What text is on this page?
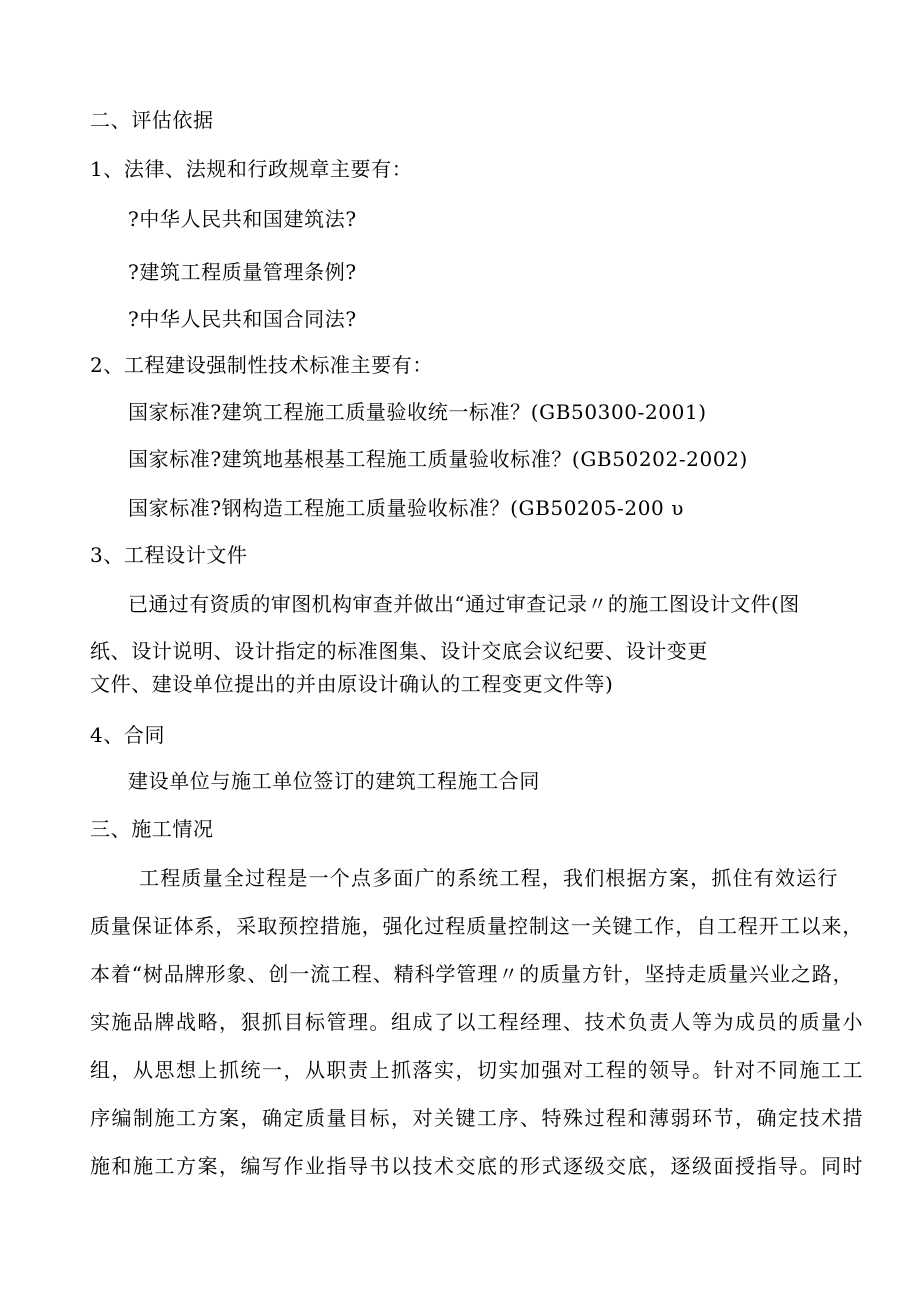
二、评估依据
1、法律、法规和行政规章主要有：
?中华人民共和国建筑法?
?建筑工程质量管理条例?
?中华人民共和国合同法?
2、工程建设强制性技术标准主要有：
国家标准?建筑工程施工质量验收统一标准？(GB50300-2001)
国家标准?建筑地基根基工程施工质量验收标准？(GB50202-2002)
国家标准?钢构造工程施工质量验收标准？(GB50205-200 υ
3、工程设计文件
已通过有资质的审图机构审查并做出“通过审查记录〃的施工图设计文件(图
纸、设计说明、设计指定的标准图集、设计交底会议纪要、设计变更
文件、建设单位提出的并由原设计确认的工程变更文件等)
4、合同
建设单位与施工单位签订的建筑工程施工合同
三、施工情况
工程质量全过程是一个点多面广的系统工程，我们根据方案，抓住有效运行
质量保证体系，采取预控措施，强化过程质量控制这一关键工作，自工程开工以来，
本着“树品牌形象、创一流工程、精科学管理〃的质量方针，坚持走质量兴业之路，
实施品牌战略，狠抓目标管理。组成了以工程经理、技术负责人等为成员的质量小
组，从思想上抓统一，从职责上抓落实，切实加强对工程的领导。针对不同施工工
序编制施工方案，确定质量目标，对关键工序、特殊过程和薄弱环节，确定技术措
施和施工方案，编写作业指导书以技术交底的形式逐级交底，逐级面授指导。同时
